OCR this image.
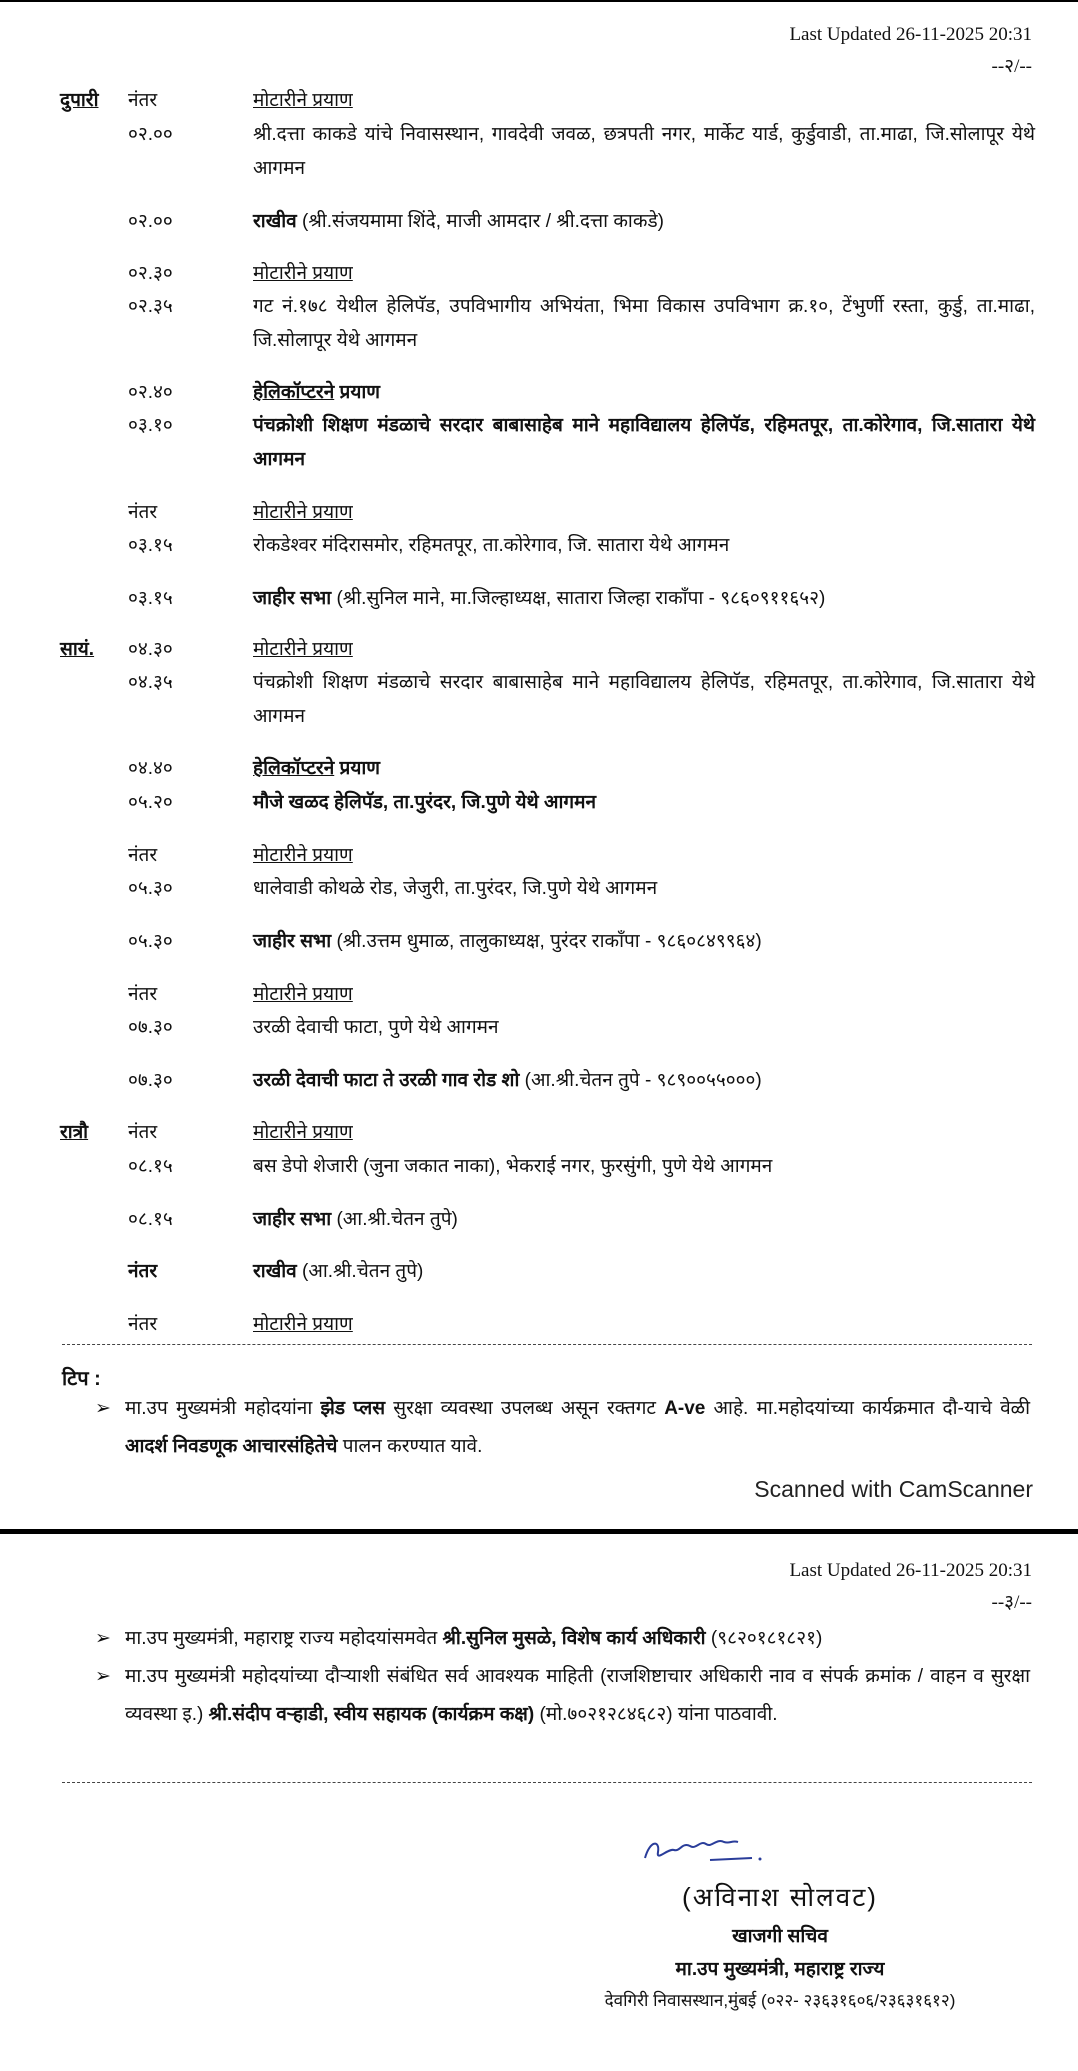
Last Updated 26-11-2025 20:31
--२/--
दुपारी नंतर	मोटारीने प्रयाण
०२.००	श्री.दत्ता काकडे यांचे निवासस्थान, गावदेवी जवळ, छत्रपती नगर, मार्केट यार्ड, कुर्डुवाडी, ता.माढा, जि.सोलापूर येथे आगमन
०२.००	राखीव (श्री.संजयमामा शिंदे, माजी आमदार / श्री.दत्ता काकडे)
०२.३०	मोटारीने प्रयाण
०२.३५	गट नं.१७८ येथील हेलिपॅड, उपविभागीय अभियंता, भिमा विकास उपविभाग क्र.१०, टेंभुर्णी रस्ता, कुर्डु, ता.माढा, जि.सोलापूर येथे आगमन
०२.४०	हेलिकॉप्टरने प्रयाण
०३.१०	पंचक्रोशी शिक्षण मंडळाचे सरदार बाबासाहेब माने महाविद्यालय हेलिपॅड, रहिमतपूर, ता.कोरेगाव, जि.सातारा येथे आगमन
नंतर	मोटारीने प्रयाण
०३.१५	रोकडेश्वर मंदिरासमोर, रहिमतपूर, ता.कोरेगाव, जि. सातारा येथे आगमन
०३.१५	जाहीर सभा (श्री.सुनिल माने, मा.जिल्हाध्यक्ष, सातारा जिल्हा राकाँपा - ९८६०९११६५२)
सायं. ०४.३०	मोटारीने प्रयाण
०४.३५	पंचक्रोशी शिक्षण मंडळाचे सरदार बाबासाहेब माने महाविद्यालय हेलिपॅड, रहिमतपूर, ता.कोरेगाव, जि.सातारा येथे आगमन
०४.४०	हेलिकॉप्टरने प्रयाण
०५.२०	मौजे खळद हेलिपॅड, ता.पुरंदर, जि.पुणे येथे आगमन
नंतर	मोटारीने प्रयाण
०५.३०	धालेवाडी कोथळे रोड, जेजुरी, ता.पुरंदर, जि.पुणे येथे आगमन
०५.३०	जाहीर सभा (श्री.उत्तम धुमाळ, तालुकाध्यक्ष, पुरंदर राकाँपा - ९८६०८४९९६४)
नंतर	मोटारीने प्रयाण
०७.३०	उरळी देवाची फाटा, पुणे येथे आगमन
०७.३०	उरळी देवाची फाटा ते उरळी गाव रोड शो (आ.श्री.चेतन तुपे - ९८९००५५०००)
रात्रौ नंतर	मोटारीने प्रयाण
०८.१५	बस डेपो शेजारी (जुना जकात नाका), भेकराई नगर, फुरसुंगी, पुणे येथे आगमन
०८.१५	जाहीर सभा (आ.श्री.चेतन तुपे)
नंतर	राखीव (आ.श्री.चेतन तुपे)
नंतर	मोटारीने प्रयाण
टिप :
➢ मा.उप मुख्यमंत्री महोदयांना झेड प्लस सुरक्षा व्यवस्था उपलब्ध असून रक्तगट A-ve आहे. मा.महोदयांच्या कार्यक्रमात दौ-याचे वेळी आदर्श निवडणूक आचारसंहितेचे पालन करण्यात यावे.
Scanned with CamScanner
Last Updated 26-11-2025 20:31
--३/--
➢ मा.उप मुख्यमंत्री, महाराष्ट्र राज्य महोदयांसमवेत श्री.सुनिल मुसळे, विशेष कार्य अधिकारी (९८२०१८१८२१)
➢ मा.उप मुख्यमंत्री महोदयांच्या दौऱ्याशी संबंधित सर्व आवश्यक माहिती (राजशिष्टाचार अधिकारी नाव व संपर्क क्रमांक / वाहन व सुरक्षा व्यवस्था इ.) श्री.संदीप वऱ्हाडी, स्वीय सहायक (कार्यक्रम कक्ष) (मो.७०२१२८४६८२) यांना पाठवावी.
(अविनाश सोलवट)
खाजगी सचिव
मा.उप मुख्यमंत्री, महाराष्ट्र राज्य
देवगिरी निवासस्थान,मुंबई (०२२- २३६३१६०६/२३६३१६१२)
